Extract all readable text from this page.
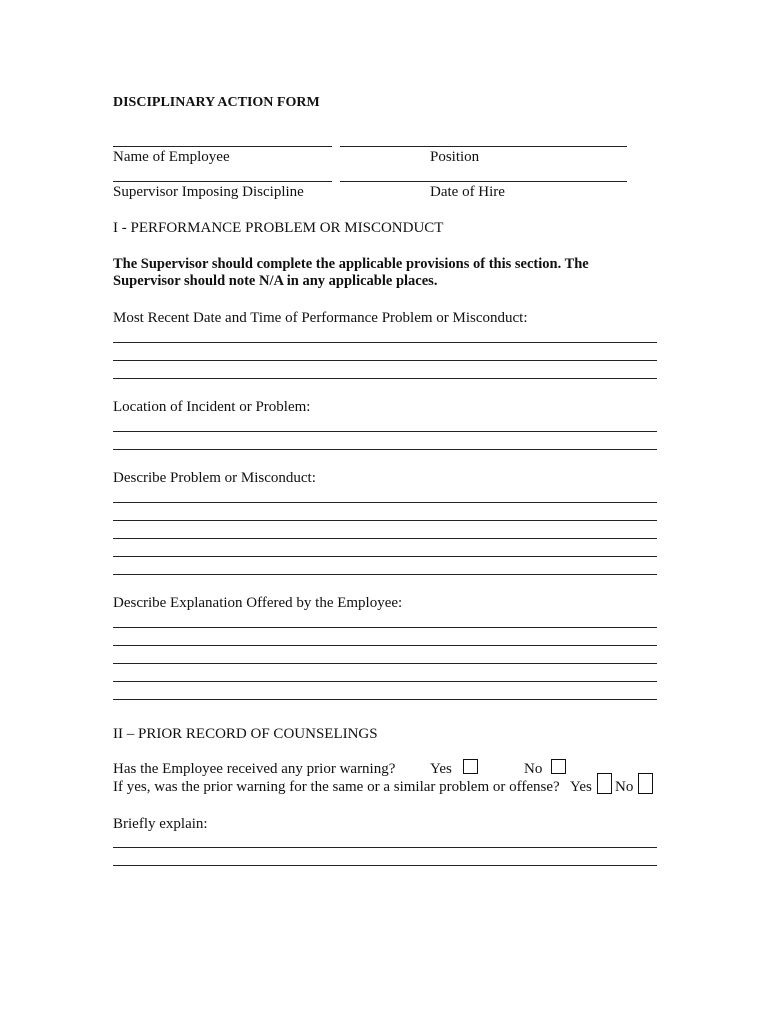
DISCIPLINARY ACTION FORM
Name of Employee	Position
Supervisor Imposing Discipline	Date of Hire
I - PERFORMANCE PROBLEM OR MISCONDUCT
The Supervisor should complete the applicable provisions of this section. The
Supervisor should note N/A in any applicable places.
Most Recent Date and Time of Performance Problem or Misconduct:
Location of Incident or Problem:
Describe Problem or Misconduct:
Describe Explanation Offered by the Employee:
II – PRIOR RECORD OF COUNSELINGS
Has the Employee received any prior warning? Yes	No
If yes, was the prior warning for the same or a similar problem or offense? Yes No
Briefly explain:
